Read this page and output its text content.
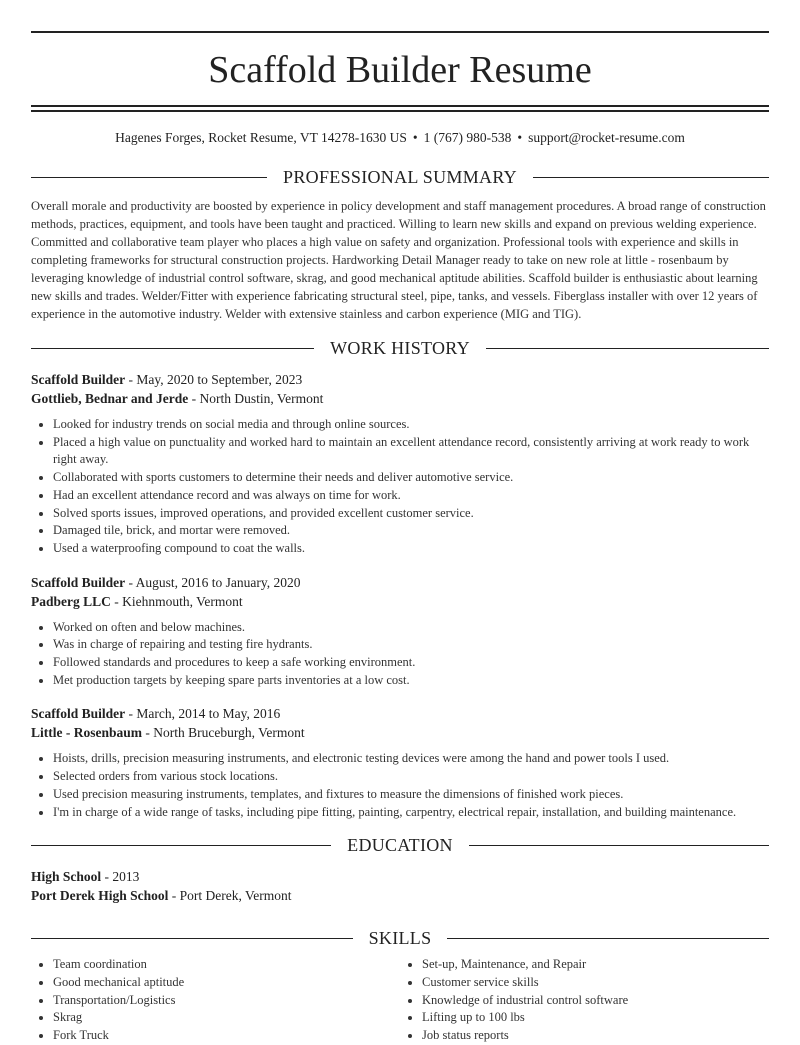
Scaffold Builder Resume
Hagenes Forges, Rocket Resume, VT 14278-1630 US • 1 (767) 980-538 • support@rocket-resume.com
PROFESSIONAL SUMMARY

Overall morale and productivity are boosted by experience in policy development and staff management procedures. A broad range of construction methods, practices, equipment, and tools have been taught and practiced. Willing to learn new skills and expand on previous welding experience. Committed and collaborative team player who places a high value on safety and organization. Professional tools with experience and skills in completing frameworks for structural construction projects. Hardworking Detail Manager ready to take on new role at little - rosenbaum by leveraging knowledge of industrial control software, skrag, and good mechanical aptitude abilities. Scaffold builder is enthusiastic about learning new skills and trades. Welder/Fitter with experience fabricating structural steel, pipe, tanks, and vessels. Fiberglass installer with over 12 years of experience in the automotive industry. Welder with extensive stainless and carbon experience (MIG and TIG).

WORK HISTORY
Scaffold Builder - May, 2020 to September, 2023
Gottlieb, Bednar and Jerde - North Dustin, Vermont
• Looked for industry trends on social media and through online sources.
• Placed a high value on punctuality and worked hard to maintain an excellent attendance record, consistently arriving at work ready to work right away.
• Collaborated with sports customers to determine their needs and deliver automotive service.
• Had an excellent attendance record and was always on time for work.
• Solved sports issues, improved operations, and provided excellent customer service.
• Damaged tile, brick, and mortar were removed.
• Used a waterproofing compound to coat the walls.
Scaffold Builder - August, 2016 to January, 2020
Padberg LLC - Kiehnmouth, Vermont
• Worked on often and below machines.
• Was in charge of repairing and testing fire hydrants.
• Followed standards and procedures to keep a safe working environment.
• Met production targets by keeping spare parts inventories at a low cost.
Scaffold Builder - March, 2014 to May, 2016
Little - Rosenbaum - North Bruceburgh, Vermont
• Hoists, drills, precision measuring instruments, and electronic testing devices were among the hand and power tools I used.
• Selected orders from various stock locations.
• Used precision measuring instruments, templates, and fixtures to measure the dimensions of finished work pieces.
• I'm in charge of a wide range of tasks, including pipe fitting, painting, carpentry, electrical repair, installation, and building maintenance.
EDUCATION
High School - 2013
Port Derek High School - Port Derek, Vermont
SKILLS
• Team coordination
• Good mechanical aptitude
• Transportation/Logistics
• Skrag
• Fork Truck
• Set-up, Maintenance, and Repair
• Customer service skills
• Knowledge of industrial control software
• Lifting up to 100 lbs
• Job status reports
